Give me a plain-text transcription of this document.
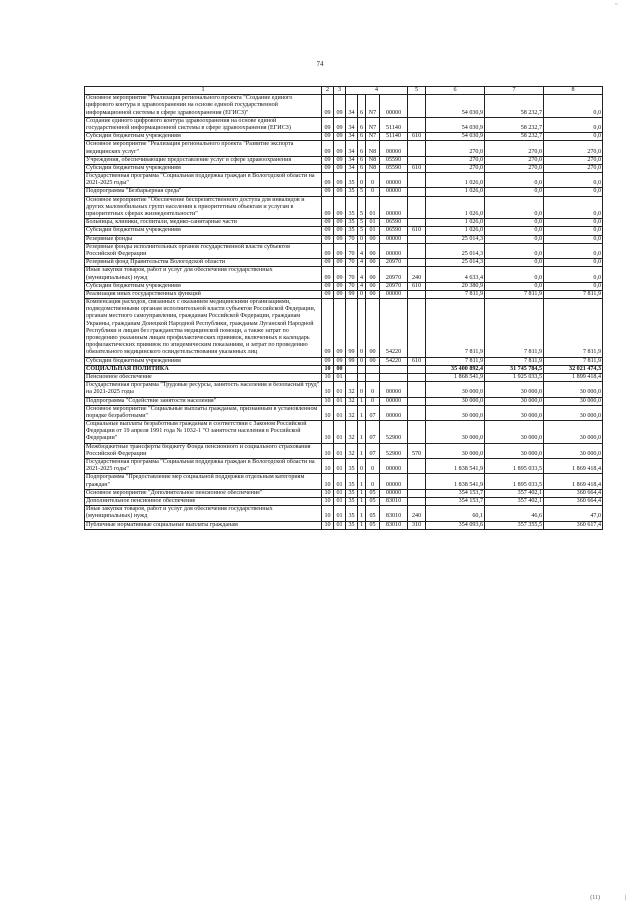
~
74
1	2	3	4				5	6	7	8
Основное мероприятие "Реализация регионального проекта "Создание единого цифрового контура в здравоохранении на основе единой государственной информационной системы в сфере здравоохранения (ЕГИСЗ)"	09	09	34	6	N7	00000		54 030,9	58 232,7	0,0
Создание единого цифрового контура здравоохранения на основе единой государственной информационной системы в сфере здравоохранения (ЕГИСЗ)	09	09	34	6	N7	51140		54 030,9	58 232,7	0,0
Субсидии бюджетным учреждениям	09	09	34	6	N7	51140	610	54 030,9	58 232,7	0,0
Основное мероприятие "Реализация регионального проекта "Развитие экспорта медицинских услуг"	09	09	34	6	N8	00000		270,0	270,0	270,0
Учреждения, обеспечивающие предоставление услуг в сфере здравоохранения	09	09	34	6	N8	05590		270,0	270,0	270,0
Субсидии бюджетным учреждениям	09	09	34	6	N8	05590	610	270,0	270,0	270,0
Государственная программа "Социальная поддержка граждан в Вологодской области на 2021-2025 годы"	09	09	35	0	0	00000		1 026,0	0,0	0,0
Подпрограмма "Безбарьерная среда"	09	09	35	5	0	00000		1 026,0	0,0	0,0
Основное мероприятие "Обеспечение беспрепятственного доступа для инвалидов и других маломобильных групп населения к приоритетным объектам и услугам в приоритетных сферах жизнедеятельности"	09	09	35	5	01	00000		1 026,0	0,0	0,0
Больницы, клиники, госпитали, медико-санитарные части	09	09	35	5	01	06590		1 026,0	0,0	0,0
Субсидии бюджетным учреждениям	09	09	35	5	01	06590	610	1 026,0	0,0	0,0
Резервные фонды	09	09	70	0	00	00000		25 014,3	0,0	0,0
Резервные фонды исполнительных органов государственной власти субъектов Российской Федерации	09	09	70	4	00	00000		25 014,3	0,0	0,0
Резервный фонд Правительства Вологодской области	09	09	70	4	00	20970		25 014,3	0,0	0,0
Иные закупки товаров, работ и услуг для обеспечения государственных (муниципальных) нужд	09	09	70	4	00	20970	240	4 633,4	0,0	0,0
Субсидии бюджетным учреждениям	09	09	70	4	00	20970	610	20 380,9	0,0	0,0
Реализация иных государственных функций	09	09	99	0	00	00000		7 811,9	7 811,9	7 811,9
Компенсация расходов, связанных с оказанием медицинскими организациями, подведомственными органам исполнительной власти субъектов Российской Федерации, органам местного самоуправления, гражданам Российской Федерации, гражданам Украины, гражданам Донецкой Народной Республики, гражданам Луганской Народной Республики и лицам без гражданства медицинской помощи, а также затрат по проведению указанным лицам профилактических прививок, включенных в календарь профилактических прививок по эпидемическим показаниям, и затрат по проведению обязательного медицинского освидетельствования указанных лиц	09	09	99	0	00	54220		7 811,9	7 811,9	7 811,9
Субсидии бюджетным учреждениям	09	09	99	0	00	54220	610	7 811,9	7 811,9	7 811,9
СОЦИАЛЬНАЯ ПОЛИТИКА	10	00						35 400 892,4	31 745 784,5	32 021 474,3
Пенсионное обеспечение	10	01						1 868 541,9	1 925 033,5	1 899 418,4
Государственная программа "Трудовые ресурсы, занятость населения и безопасный труд" на 2021-2025 годы	10	01	32	0	0	00000		30 000,0	30 000,0	30 000,0
Подпрограмма "Содействие занятости населения"	10	01	32	1	0	00000		30 000,0	30 000,0	30 000,0
Основное мероприятие "Социальные выплаты гражданам, признанным в установленном порядке безработными"	10	01	32	1	07	00000		30 000,0	30 000,0	30 000,0
Социальные выплаты безработным гражданам в соответствии с Законом Российской Федерации от 19 апреля 1991 года № 1032-1 "О занятости населения в Российской Федерации"	10	01	32	1	07	52900		30 000,0	30 000,0	30 000,0
Межбюджетные трансферты бюджету Фонда пенсионного и социального страхования Российской Федерации	10	01	32	1	07	52900	570	30 000,0	30 000,0	30 000,0
Государственная программа "Социальная поддержка граждан в Вологодской области на 2021-2025 годы"	10	01	35	0	0	00000		1 838 541,9	1 895 033,5	1 869 418,4
Подпрограмма "Предоставление мер социальной поддержки отдельным категориям граждан"	10	01	35	1	0	00000		1 838 541,9	1 895 033,5	1 869 418,4
Основное мероприятие "Дополнительное пенсионное обеспечение"	10	01	35	1	05	00000		354 153,7	357 402,1	360 664,4
Дополнительное пенсионное обеспечение	10	01	35	1	05	83010		354 153,7	357 402,1	360 664,4
Иные закупки товаров, работ и услуг для обеспечения государственных (муниципальных) нужд	10	01	35	1	05	83010	240	60,1	46,6	47,0
Публичные нормативные социальные выплаты гражданам	10	01	35	1	05	83010	310	354 093,6	357 355,5	360 617,4
(11)	|
